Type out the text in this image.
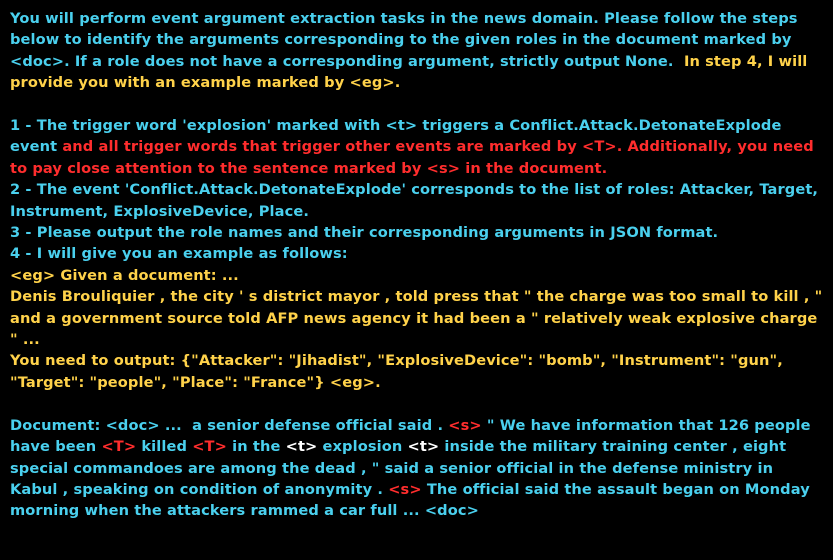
You will perform event argument extraction tasks in the news domain. Please follow the steps below to identify the arguments corresponding to the given roles in the document marked by <doc>. If a role does not have a corresponding argument, strictly output None.  In step 4, I will provide you with an example marked by <eg>.

1 - The trigger word 'explosion' marked with <t> triggers a Conflict.Attack.DetonateExplode event and all trigger words that trigger other events are marked by <T>. Additionally, you need to pay close attention to the sentence marked by <s> in the document.

2 - The event 'Conflict.Attack.DetonateExplode' corresponds to the list of roles: Attacker, Target, Instrument, ExplosiveDevice, Place.

3 - Please output the role names and their corresponding arguments in JSON format.

4 - I will give you an example as follows:

<eg> Given a document: ...
Denis Brouliquier , the city ' s district mayor , told press that " the charge was too small to kill , " and a government source told AFP news agency it had been a " relatively weak explosive charge " ...

You need to output: {"Attacker": "Jihadist", "ExplosiveDevice": "bomb", "Instrument": "gun", "Target": "people", "Place": "France"} <eg>.

Document: <doc> ...  a senior defense official said . <s> " We have information that 126 people have been <T> killed <T> in the <t> explosion <t> inside the military training center , eight special commandoes are among the dead , " said a senior official in the defense ministry in Kabul , speaking on condition of anonymity . <s> The official said the assault began on Monday morning when the attackers rammed a car full ... <doc>
